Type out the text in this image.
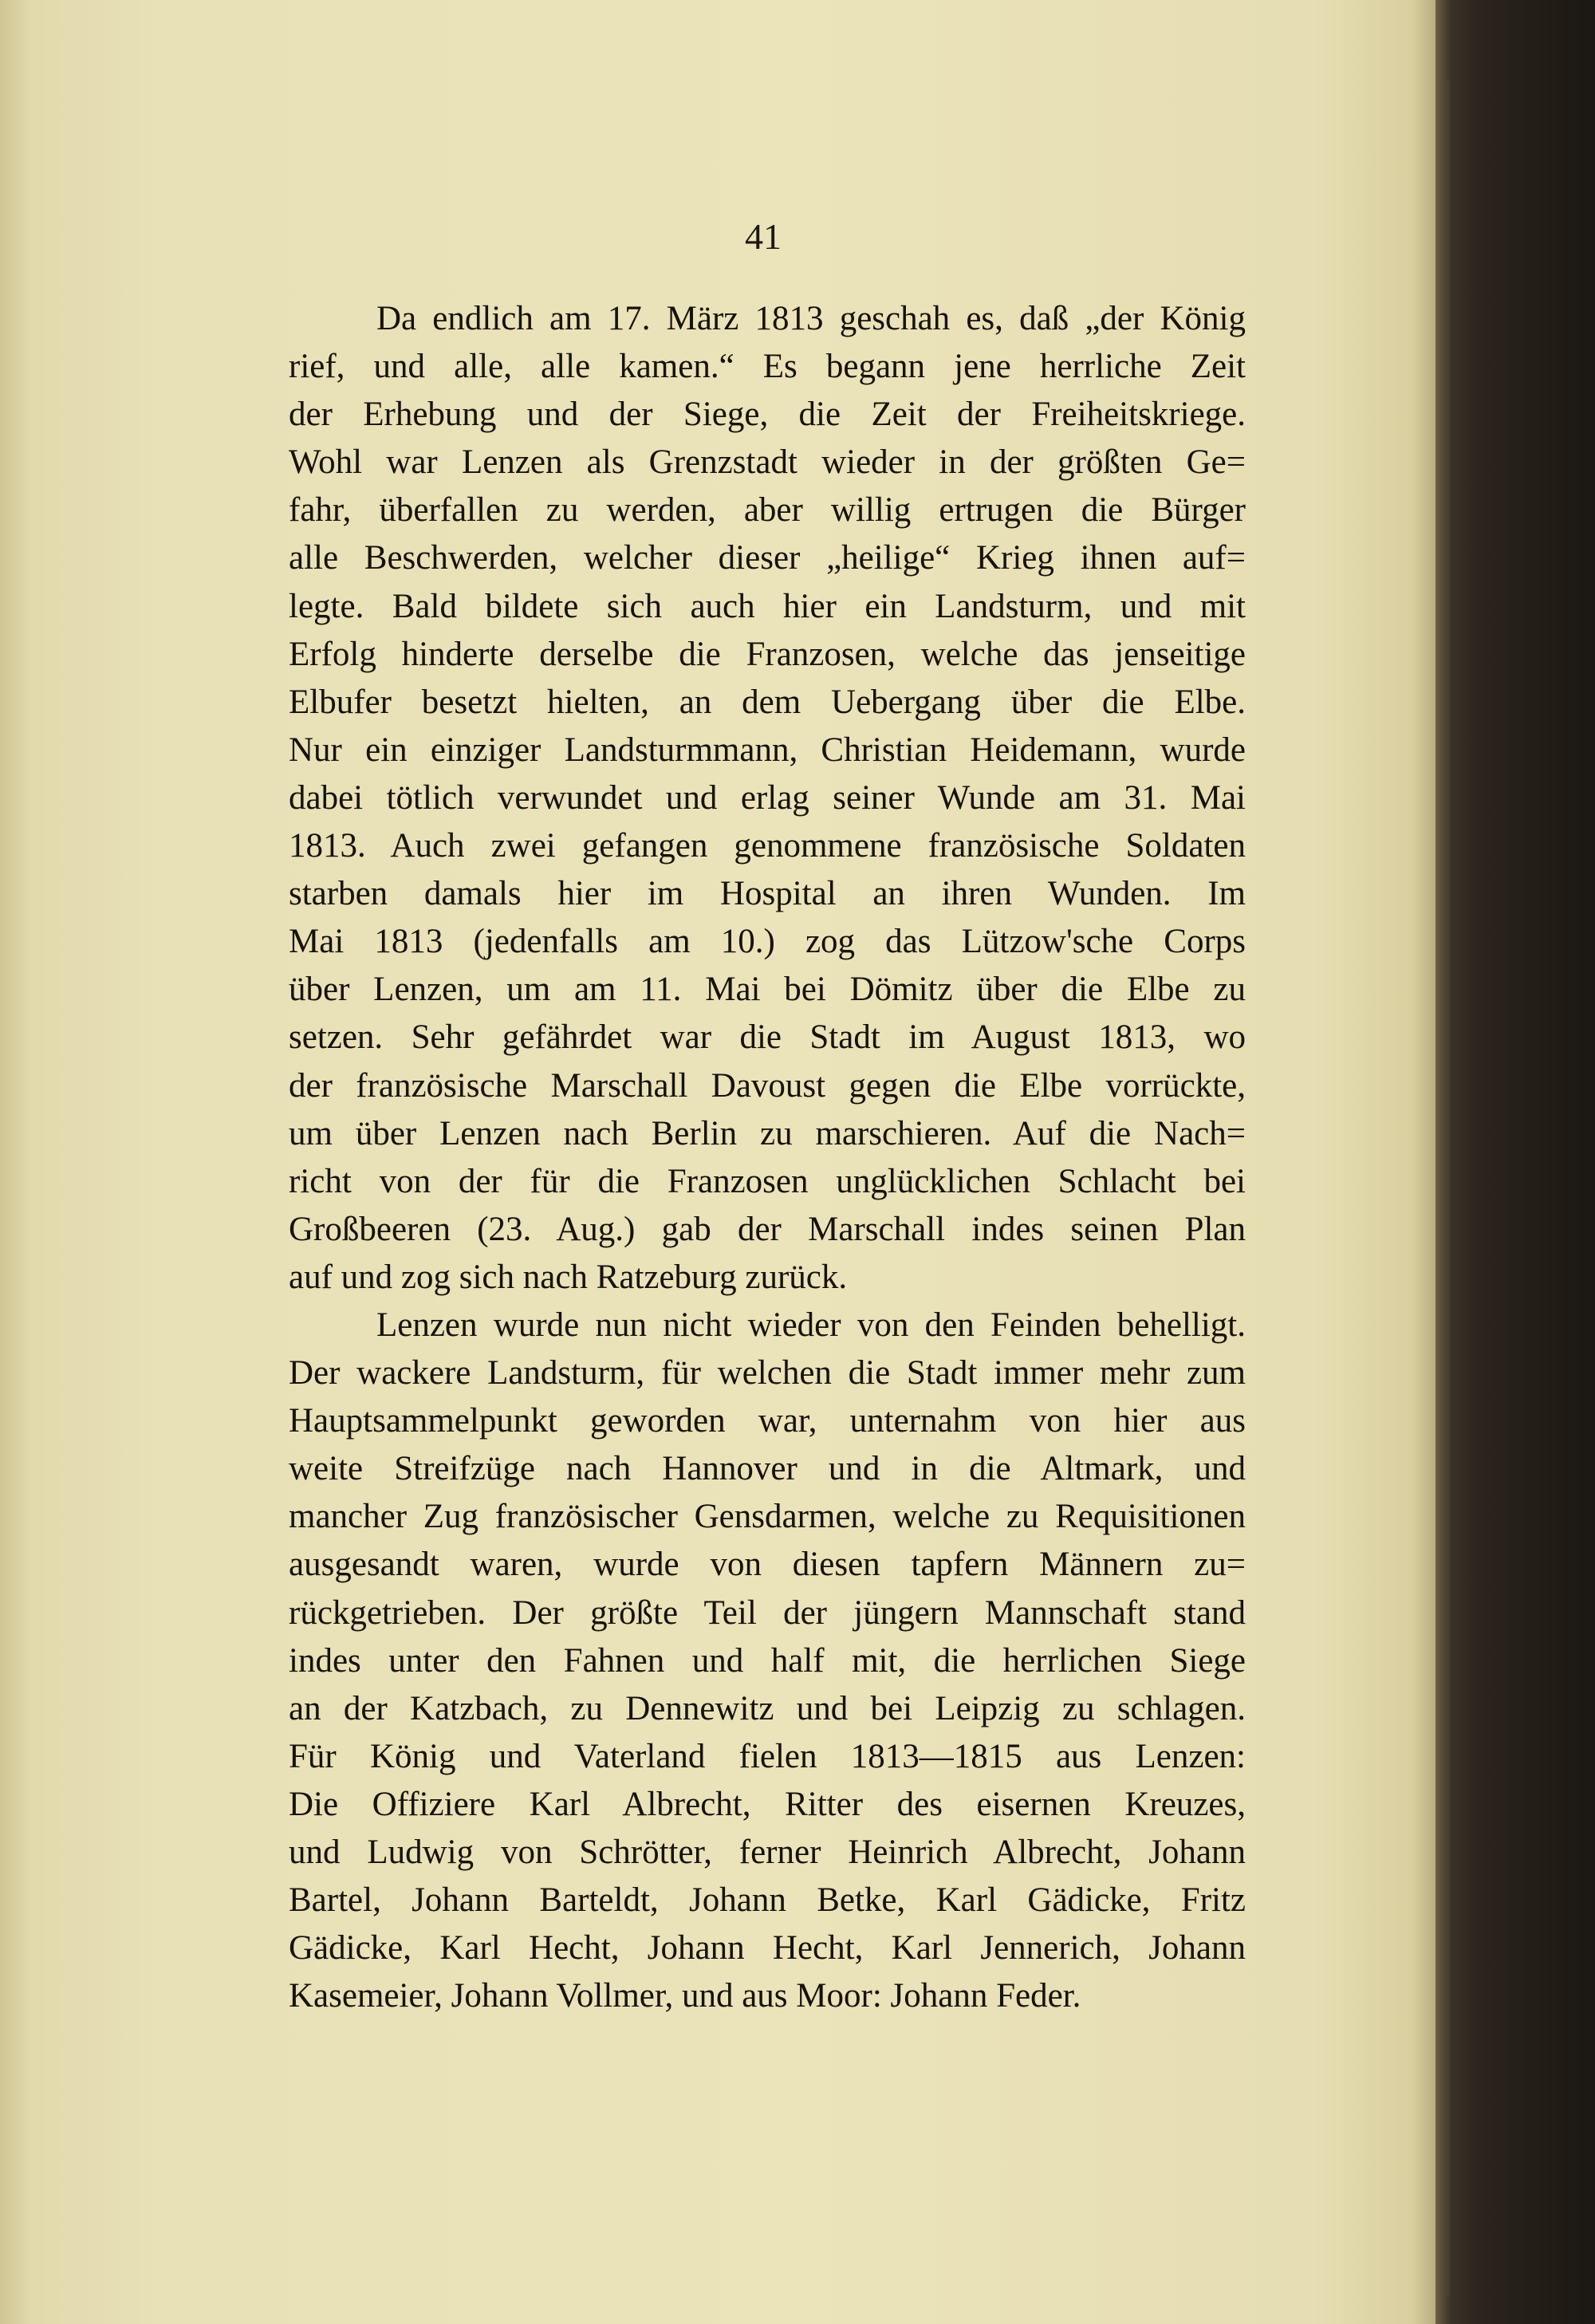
41
Da endlich am 17. März 1813 geschah es, daß „der König
rief, und alle, alle kamen.“ Es begann jene herrliche Zeit
der Erhebung und der Siege, die Zeit der Freiheitskriege.
Wohl war Lenzen als Grenzstadt wieder in der größten Ge=
fahr, überfallen zu werden, aber willig ertrugen die Bürger
alle Beschwerden, welcher dieser „heilige“ Krieg ihnen auf=
legte. Bald bildete sich auch hier ein Landsturm, und mit
Erfolg hinderte derselbe die Franzosen, welche das jenseitige
Elbufer besetzt hielten, an dem Uebergang über die Elbe.
Nur ein einziger Landsturmmann, Christian Heidemann, wurde
dabei tötlich verwundet und erlag seiner Wunde am 31. Mai
1813. Auch zwei gefangen genommene französische Soldaten
starben damals hier im Hospital an ihren Wunden. Im
Mai 1813 (jedenfalls am 10.) zog das Lützow'sche Corps
über Lenzen, um am 11. Mai bei Dömitz über die Elbe zu
setzen. Sehr gefährdet war die Stadt im August 1813, wo
der französische Marschall Davoust gegen die Elbe vorrückte,
um über Lenzen nach Berlin zu marschieren. Auf die Nach=
richt von der für die Franzosen unglücklichen Schlacht bei
Großbeeren (23. Aug.) gab der Marschall indes seinen Plan
auf und zog sich nach Ratzeburg zurück.
Lenzen wurde nun nicht wieder von den Feinden behelligt.
Der wackere Landsturm, für welchen die Stadt immer mehr zum
Hauptsammelpunkt geworden war, unternahm von hier aus
weite Streifzüge nach Hannover und in die Altmark, und
mancher Zug französischer Gensdarmen, welche zu Requisitionen
ausgesandt waren, wurde von diesen tapfern Männern zu=
rückgetrieben. Der größte Teil der jüngern Mannschaft stand
indes unter den Fahnen und half mit, die herrlichen Siege
an der Katzbach, zu Dennewitz und bei Leipzig zu schlagen.
Für König und Vaterland fielen 1813—1815 aus Lenzen:
Die Offiziere Karl Albrecht, Ritter des eisernen Kreuzes,
und Ludwig von Schrötter, ferner Heinrich Albrecht, Johann
Bartel, Johann Barteldt, Johann Betke, Karl Gädicke, Fritz
Gädicke, Karl Hecht, Johann Hecht, Karl Jennerich, Johann
Kasemeier, Johann Vollmer, und aus Moor: Johann Feder.
